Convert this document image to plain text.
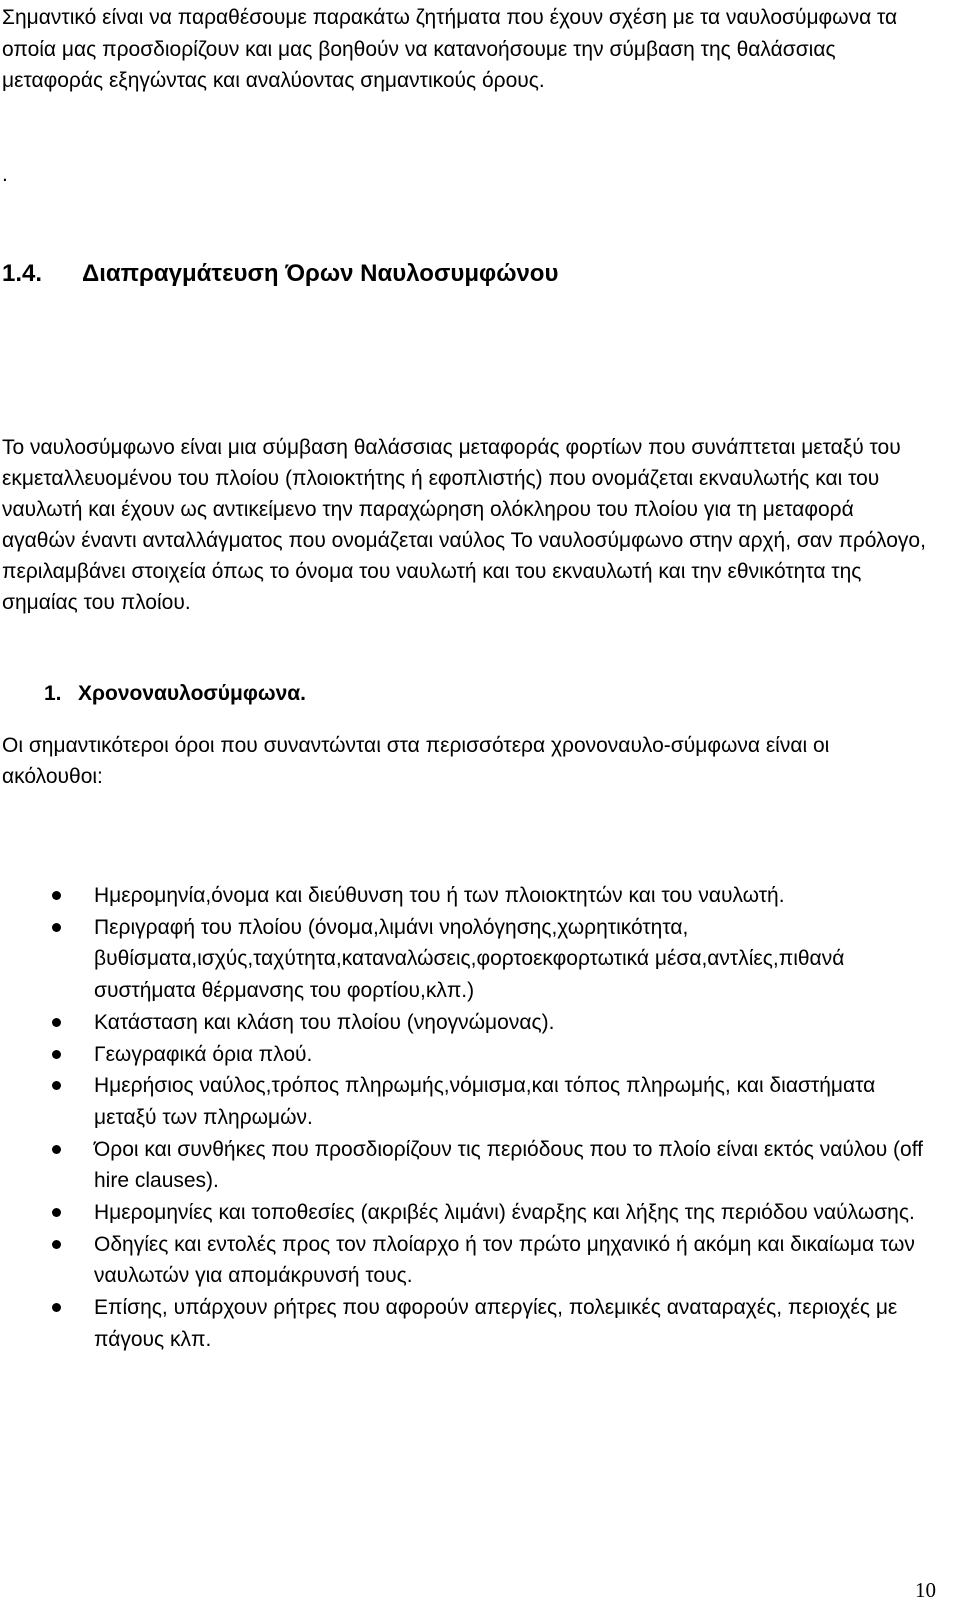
Σημαντικό είναι να παραθέσουμε παρακάτω ζητήματα που έχουν σχέση με τα ναυλοσύμφωνα τα οποία μας προσδιορίζουν και μας βοηθούν να κατανοήσουμε την σύμβαση της θαλάσσιας μεταφοράς εξηγώντας και αναλύοντας σημαντικούς όρους.

.

1.4. Διαπραγμάτευση Όρων Ναυλοσυμφώνου

Το ναυλοσύμφωνο είναι μια σύμβαση θαλάσσιας μεταφοράς φορτίων που συνάπτεται μεταξύ του εκμεταλλευομένου του πλοίου (πλοιοκτήτης ή εφοπλιστής) που ονομάζεται εκναυλωτής και του ναυλωτή και έχουν ως αντικείμενο την παραχώρηση ολόκληρου του πλοίου για τη μεταφορά αγαθών έναντι ανταλλάγματος που ονομάζεται ναύλος Το ναυλοσύμφωνο στην αρχή, σαν πρόλογο, περιλαμβάνει στοιχεία όπως το όνομα του ναυλωτή και του εκναυλωτή και την εθνικότητα της σημαίας του πλοίου.

1. Χρονοναυλοσύμφωνα.

Οι σημαντικότεροι όροι που συναντώνται στα περισσότερα χρονοναυλο-σύμφωνα είναι οι ακόλουθοι:

Ημερομηνία,όνομα και διεύθυνση του ή των πλοιοκτητών και του ναυλωτή.
Περιγραφή του πλοίου (όνομα,λιμάνι νηολόγησης,χωρητικότητα, βυθίσματα,ισχύς,ταχύτητα,καταναλώσεις,φορτοεκφορτωτικά μέσα,αντλίες,πιθανά συστήματα θέρμανσης του φορτίου,κλπ.)
Κατάσταση και κλάση του πλοίου (νηογνώμονας).
Γεωγραφικά όρια πλού.
Ημερήσιος ναύλος,τρόπος πληρωμής,νόμισμα,και τόπος πληρωμής, και διαστήματα μεταξύ των πληρωμών.
Όροι και συνθήκες που προσδιορίζουν τις περιόδους που το πλοίο είναι εκτός ναύλου (off hire clauses).
Ημερομηνίες και τοποθεσίες (ακριβές λιμάνι) έναρξης και λήξης της περιόδου ναύλωσης.
Οδηγίες και εντολές προς τον πλοίαρχο ή τον πρώτο μηχανικό ή ακόμη και δικαίωμα των ναυλωτών για απομάκρυνσή τους.
Επίσης, υπάρχουν ρήτρες που αφορούν απεργίες, πολεμικές αναταραχές, περιοχές με πάγους κλπ.

10
